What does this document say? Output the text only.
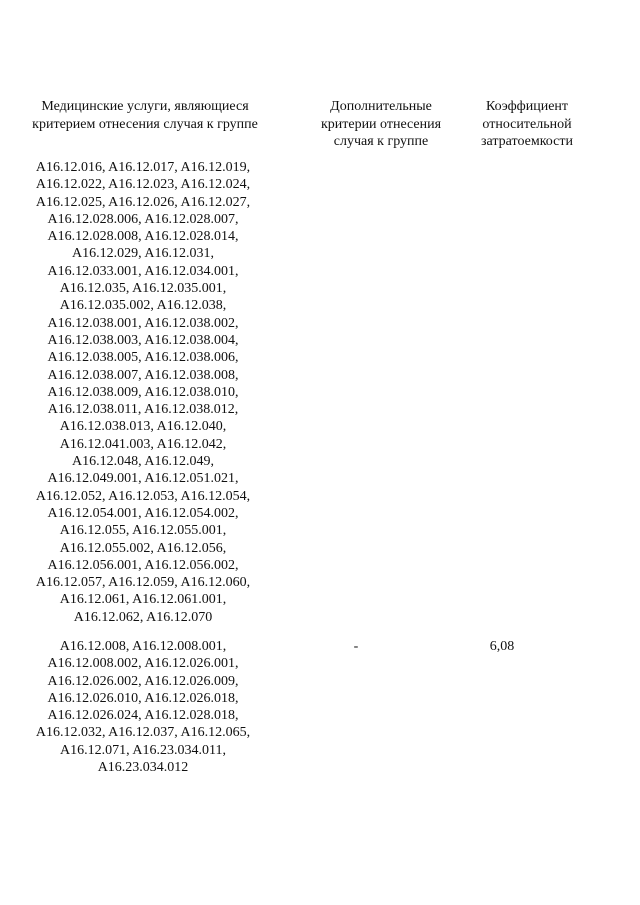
Медицинские услуги, являющиеся
критерием отнесения случая к группе
Дополнительные
критерии отнесения
случая к группе
Коэффициент
относительной
затратоемкости
A16.12.016, A16.12.017, A16.12.019,
A16.12.022, A16.12.023, A16.12.024,
A16.12.025, A16.12.026, A16.12.027,
A16.12.028.006, A16.12.028.007,
A16.12.028.008, A16.12.028.014,
A16.12.029, A16.12.031,
A16.12.033.001, A16.12.034.001,
A16.12.035, A16.12.035.001,
A16.12.035.002, A16.12.038,
A16.12.038.001, A16.12.038.002,
A16.12.038.003, A16.12.038.004,
A16.12.038.005, A16.12.038.006,
A16.12.038.007, A16.12.038.008,
A16.12.038.009, A16.12.038.010,
A16.12.038.011, A16.12.038.012,
A16.12.038.013, A16.12.040,
A16.12.041.003, A16.12.042,
A16.12.048, A16.12.049,
A16.12.049.001, A16.12.051.021,
A16.12.052, A16.12.053, A16.12.054,
A16.12.054.001, A16.12.054.002,
A16.12.055, A16.12.055.001,
A16.12.055.002, A16.12.056,
A16.12.056.001, A16.12.056.002,
A16.12.057, A16.12.059, A16.12.060,
A16.12.061, A16.12.061.001,
A16.12.062, A16.12.070
A16.12.008, A16.12.008.001,
A16.12.008.002, A16.12.026.001,
A16.12.026.002, A16.12.026.009,
A16.12.026.010, A16.12.026.018,
A16.12.026.024, A16.12.028.018,
A16.12.032, A16.12.037, A16.12.065,
A16.12.071, A16.23.034.011,
A16.23.034.012
-	6,08
